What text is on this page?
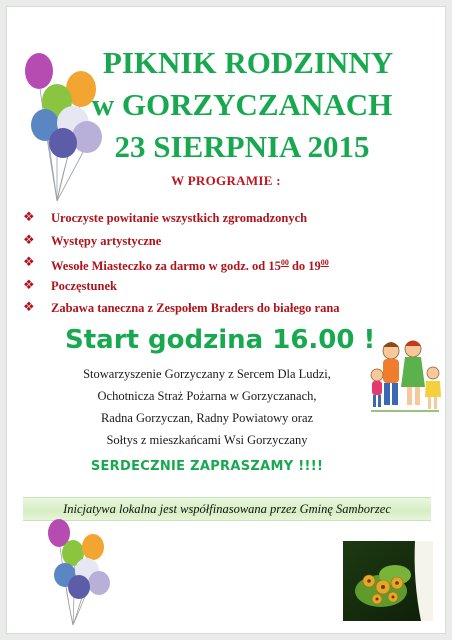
PIKNIK RODZINNY
w GORZYCZANACH
23 SIERPNIA 2015
W PROGRAMIE :
❖ Uroczyste powitanie wszystkich zgromadzonych
❖ Występy artystyczne
❖ Wesołe Miasteczko za darmo w godz. od $15^{00}$ do $19^{00}$
❖ Poczęstunek
❖ Zabawa taneczna z Zespołem Braders do białego rana
Start godzina 16.00 !
Stowarzyszenie Gorzyczany z Sercem Dla Ludzi,
Ochotnicza Straż Pożarna w Gorzyczanach,
Radna Gorzyczan, Radny Powiatowy oraz
Sołtys z mieszkańcami Wsi Gorzyczany
SERDECZNIE ZAPRASZAMY !!!!
Inicjatywa lokalna jest współfinasowana przez Gminę Samborzec
